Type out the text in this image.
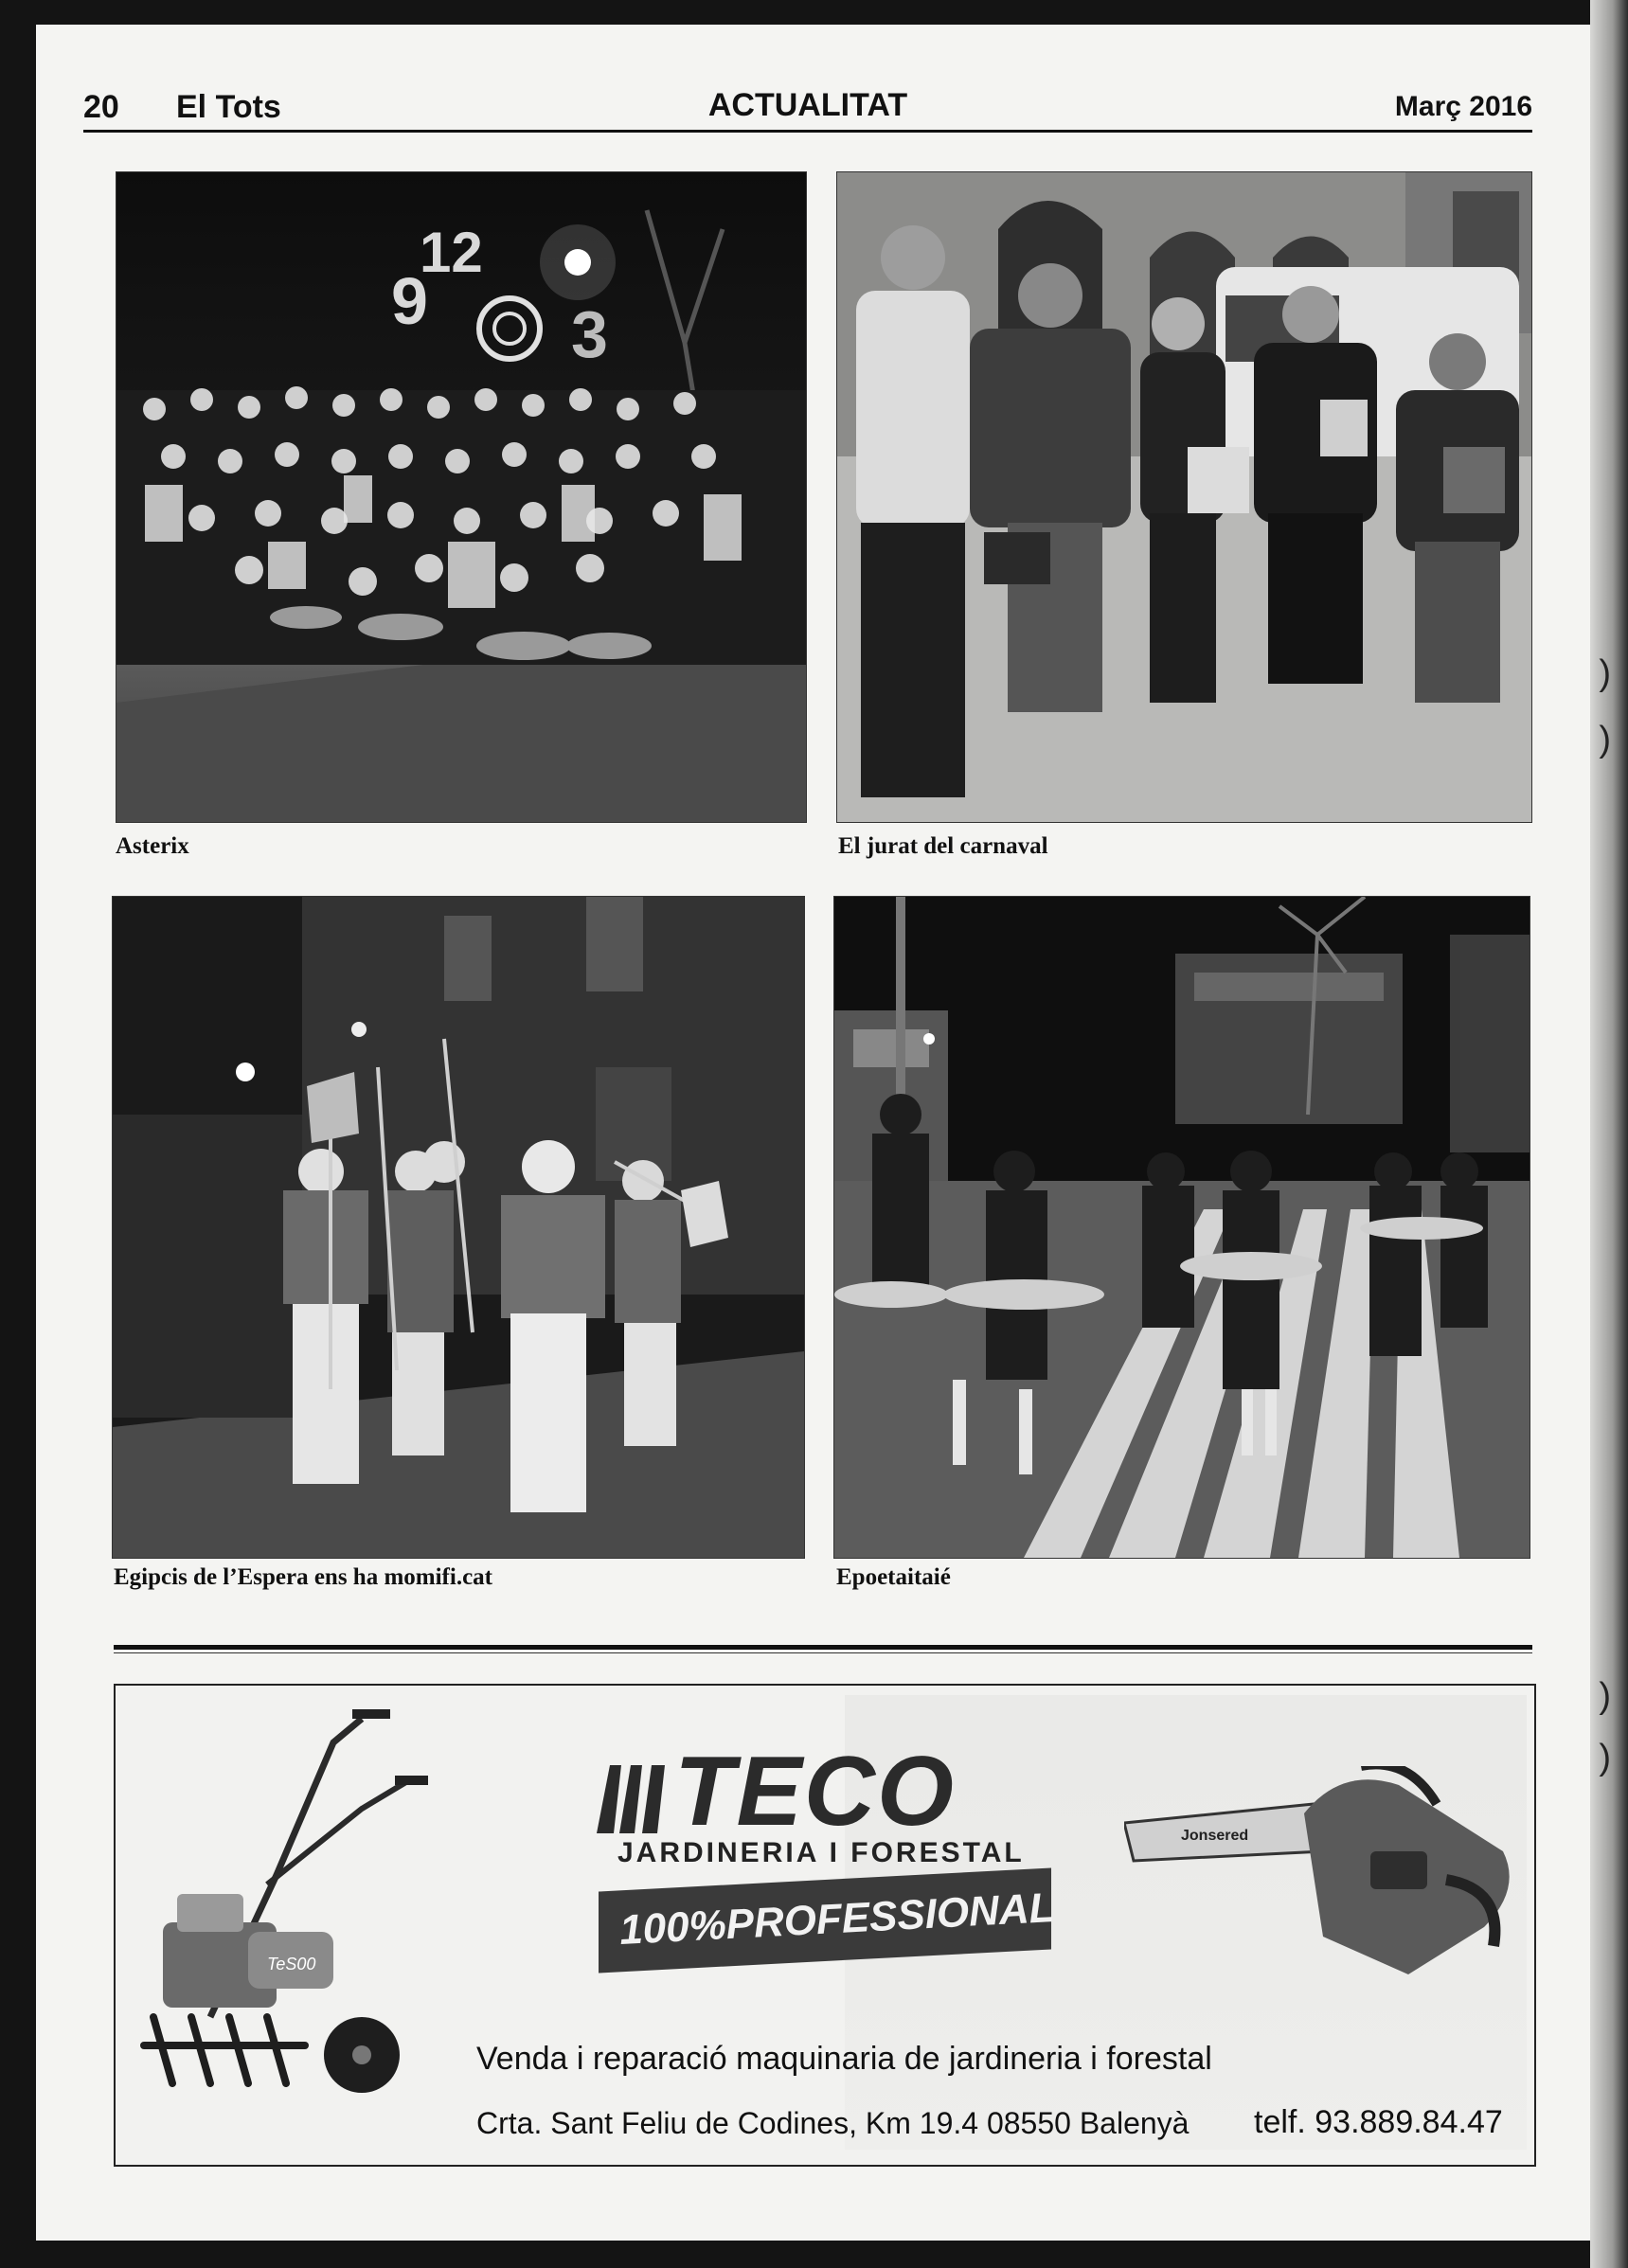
20 El Tots	ACTUALITAT	Març 2016
9
12
3
Asterix	El jurat del carnaval
Egipcis de l’Espera ens ha momifi.cat	Epoetaitaié
TeS00
TECO
JARDINERIA I FORESTAL
100%PROFESSIONAL
Jonsered
Venda i reparació maquinaria de jardineria i forestal
Crta. Sant Feliu de Codines, Km 19.4 08550 Balenyà telf. 93.889.84.47
)
)
)
)
